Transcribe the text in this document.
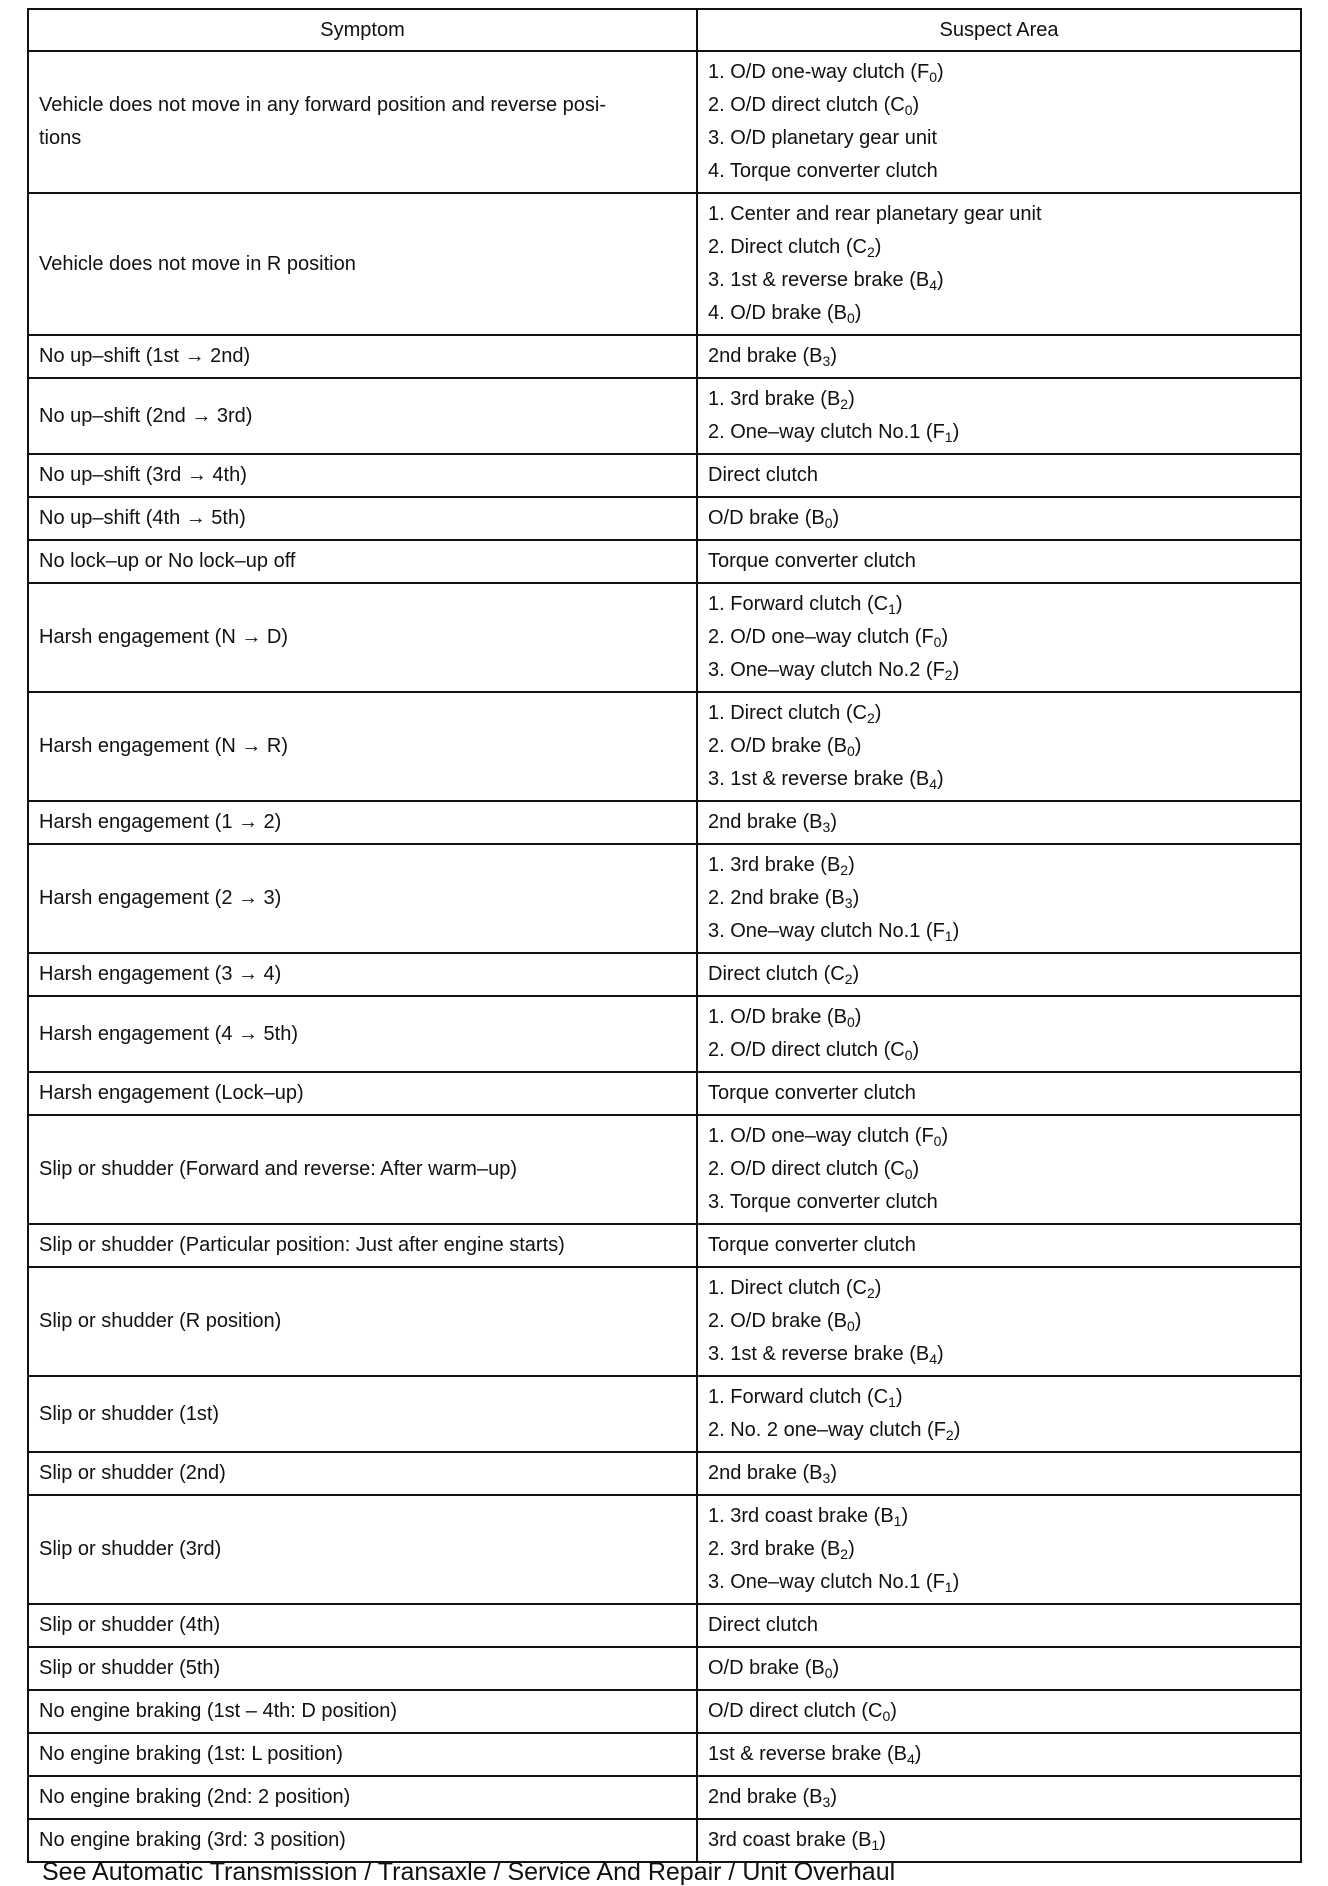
Symptom	Suspect Area

Vehicle does not move in any forward position and reverse posi-
tions	1. O/D one-way clutch $(F_0)$
2. O/D direct clutch $(C_0)$
3. O/D planetary gear unit
4. Torque converter clutch

Vehicle does not move in R position	1. Center and rear planetary gear unit
2. Direct clutch $(C_2)$
3. 1st & reverse brake $(B_4)$
4. O/D brake $(B_0)$

No up–shift (1st → 2nd)	2nd brake $(B_3)$

No up–shift (2nd → 3rd)	1. 3rd brake $(B_2)$
2. One–way clutch No.1 $(F_1)$

No up–shift (3rd → 4th)	Direct clutch

No up–shift (4th → 5th)	O/D brake $(B_0)$

No lock–up or No lock–up off	Torque converter clutch

Harsh engagement (N → D)	1. Forward clutch $(C_1)$
2. O/D one–way clutch $(F_0)$
3. One–way clutch No.2 $(F_2)$

Harsh engagement (N → R)	1. Direct clutch $(C_2)$
2. O/D brake $(B_0)$
3. 1st & reverse brake $(B_4)$

Harsh engagement (1 → 2)	2nd brake $(B_3)$

Harsh engagement (2 → 3)	1. 3rd brake $(B_2)$
2. 2nd brake $(B_3)$
3. One–way clutch No.1 $(F_1)$

Harsh engagement (3 → 4)	Direct clutch $(C_2)$

Harsh engagement (4 → 5th)	1. O/D brake $(B_0)$
2. O/D direct clutch $(C_0)$

Harsh engagement (Lock–up)	Torque converter clutch

Slip or shudder (Forward and reverse: After warm–up)	1. O/D one–way clutch $(F_0)$
2. O/D direct clutch $(C_0)$
3. Torque converter clutch

Slip or shudder (Particular position: Just after engine starts)	Torque converter clutch

Slip or shudder (R position)	1. Direct clutch $(C_2)$
2. O/D brake $(B_0)$
3. 1st & reverse brake $(B_4)$

Slip or shudder (1st)	1. Forward clutch $(C_1)$
2. No. 2 one–way clutch $(F_2)$

Slip or shudder (2nd)	2nd brake $(B_3)$

Slip or shudder (3rd)	1. 3rd coast brake $(B_1)$
2. 3rd brake $(B_2)$
3. One–way clutch No.1 $(F_1)$

Slip or shudder (4th)	Direct clutch

Slip or shudder (5th)	O/D brake $(B_0)$

No engine braking (1st – 4th: D position)	O/D direct clutch $(C_0)$

No engine braking (1st: L position)	1st & reverse brake $(B_4)$

No engine braking (2nd: 2 position)	2nd brake $(B_3)$

No engine braking (3rd: 3 position)	3rd coast brake $(B_1)$
See Automatic Transmission / Transaxle / Service And Repair / Unit Overhaul
